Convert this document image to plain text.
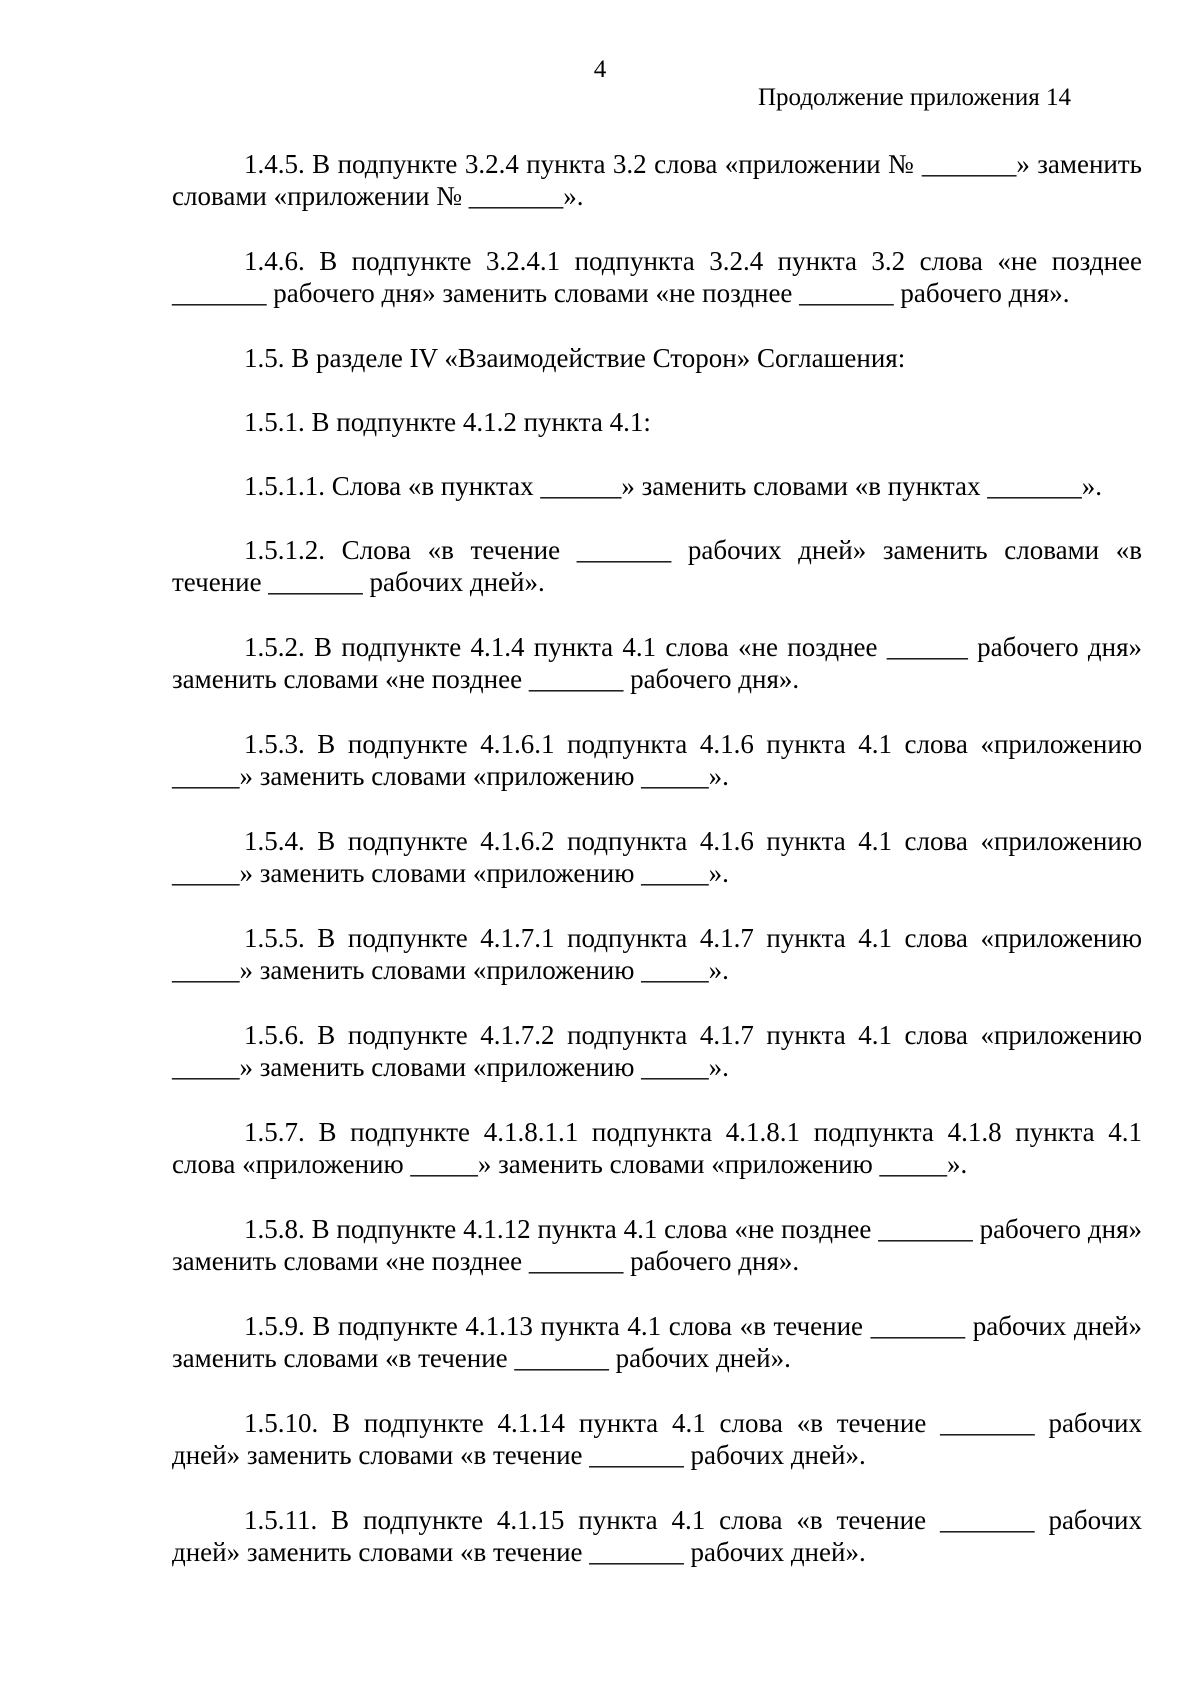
4
Продолжение приложения 14

1.4.5. В подпункте 3.2.4 пункта 3.2 слова «приложении № _______» заменить словами «приложении № _______».

1.4.6. В подпункте 3.2.4.1 подпункта 3.2.4 пункта 3.2 слова «не позднее _______ рабочего дня» заменить словами «не позднее _______ рабочего дня».

1.5. В разделе IV «Взаимодействие Сторон» Соглашения:

1.5.1. В подпункте 4.1.2 пункта 4.1:

1.5.1.1. Слова «в пунктах ______» заменить словами «в пунктах _______».

1.5.1.2. Слова «в течение _______ рабочих дней» заменить словами «в течение _______ рабочих дней».

1.5.2. В подпункте 4.1.4 пункта 4.1 слова «не позднее ______ рабочего дня» заменить словами «не позднее _______ рабочего дня».

1.5.3. В подпункте 4.1.6.1 подпункта 4.1.6 пункта 4.1 слова «приложению _____» заменить словами «приложению _____».

1.5.4. В подпункте 4.1.6.2 подпункта 4.1.6 пункта 4.1 слова «приложению _____» заменить словами «приложению _____».

1.5.5. В подпункте 4.1.7.1 подпункта 4.1.7 пункта 4.1 слова «приложению _____» заменить словами «приложению _____».

1.5.6. В подпункте 4.1.7.2 подпункта 4.1.7 пункта 4.1 слова «приложению _____» заменить словами «приложению _____».

1.5.7. В подпункте 4.1.8.1.1 подпункта 4.1.8.1 подпункта 4.1.8 пункта 4.1 слова «приложению _____» заменить словами «приложению _____».

1.5.8. В подпункте 4.1.12 пункта 4.1 слова «не позднее _______ рабочего дня» заменить словами «не позднее _______ рабочего дня».

1.5.9. В подпункте 4.1.13 пункта 4.1 слова «в течение _______ рабочих дней» заменить словами «в течение _______ рабочих дней».

1.5.10. В подпункте 4.1.14 пункта 4.1 слова «в течение _______ рабочих дней» заменить словами «в течение _______ рабочих дней».

1.5.11. В подпункте 4.1.15 пункта 4.1 слова «в течение _______ рабочих дней» заменить словами «в течение _______ рабочих дней».
